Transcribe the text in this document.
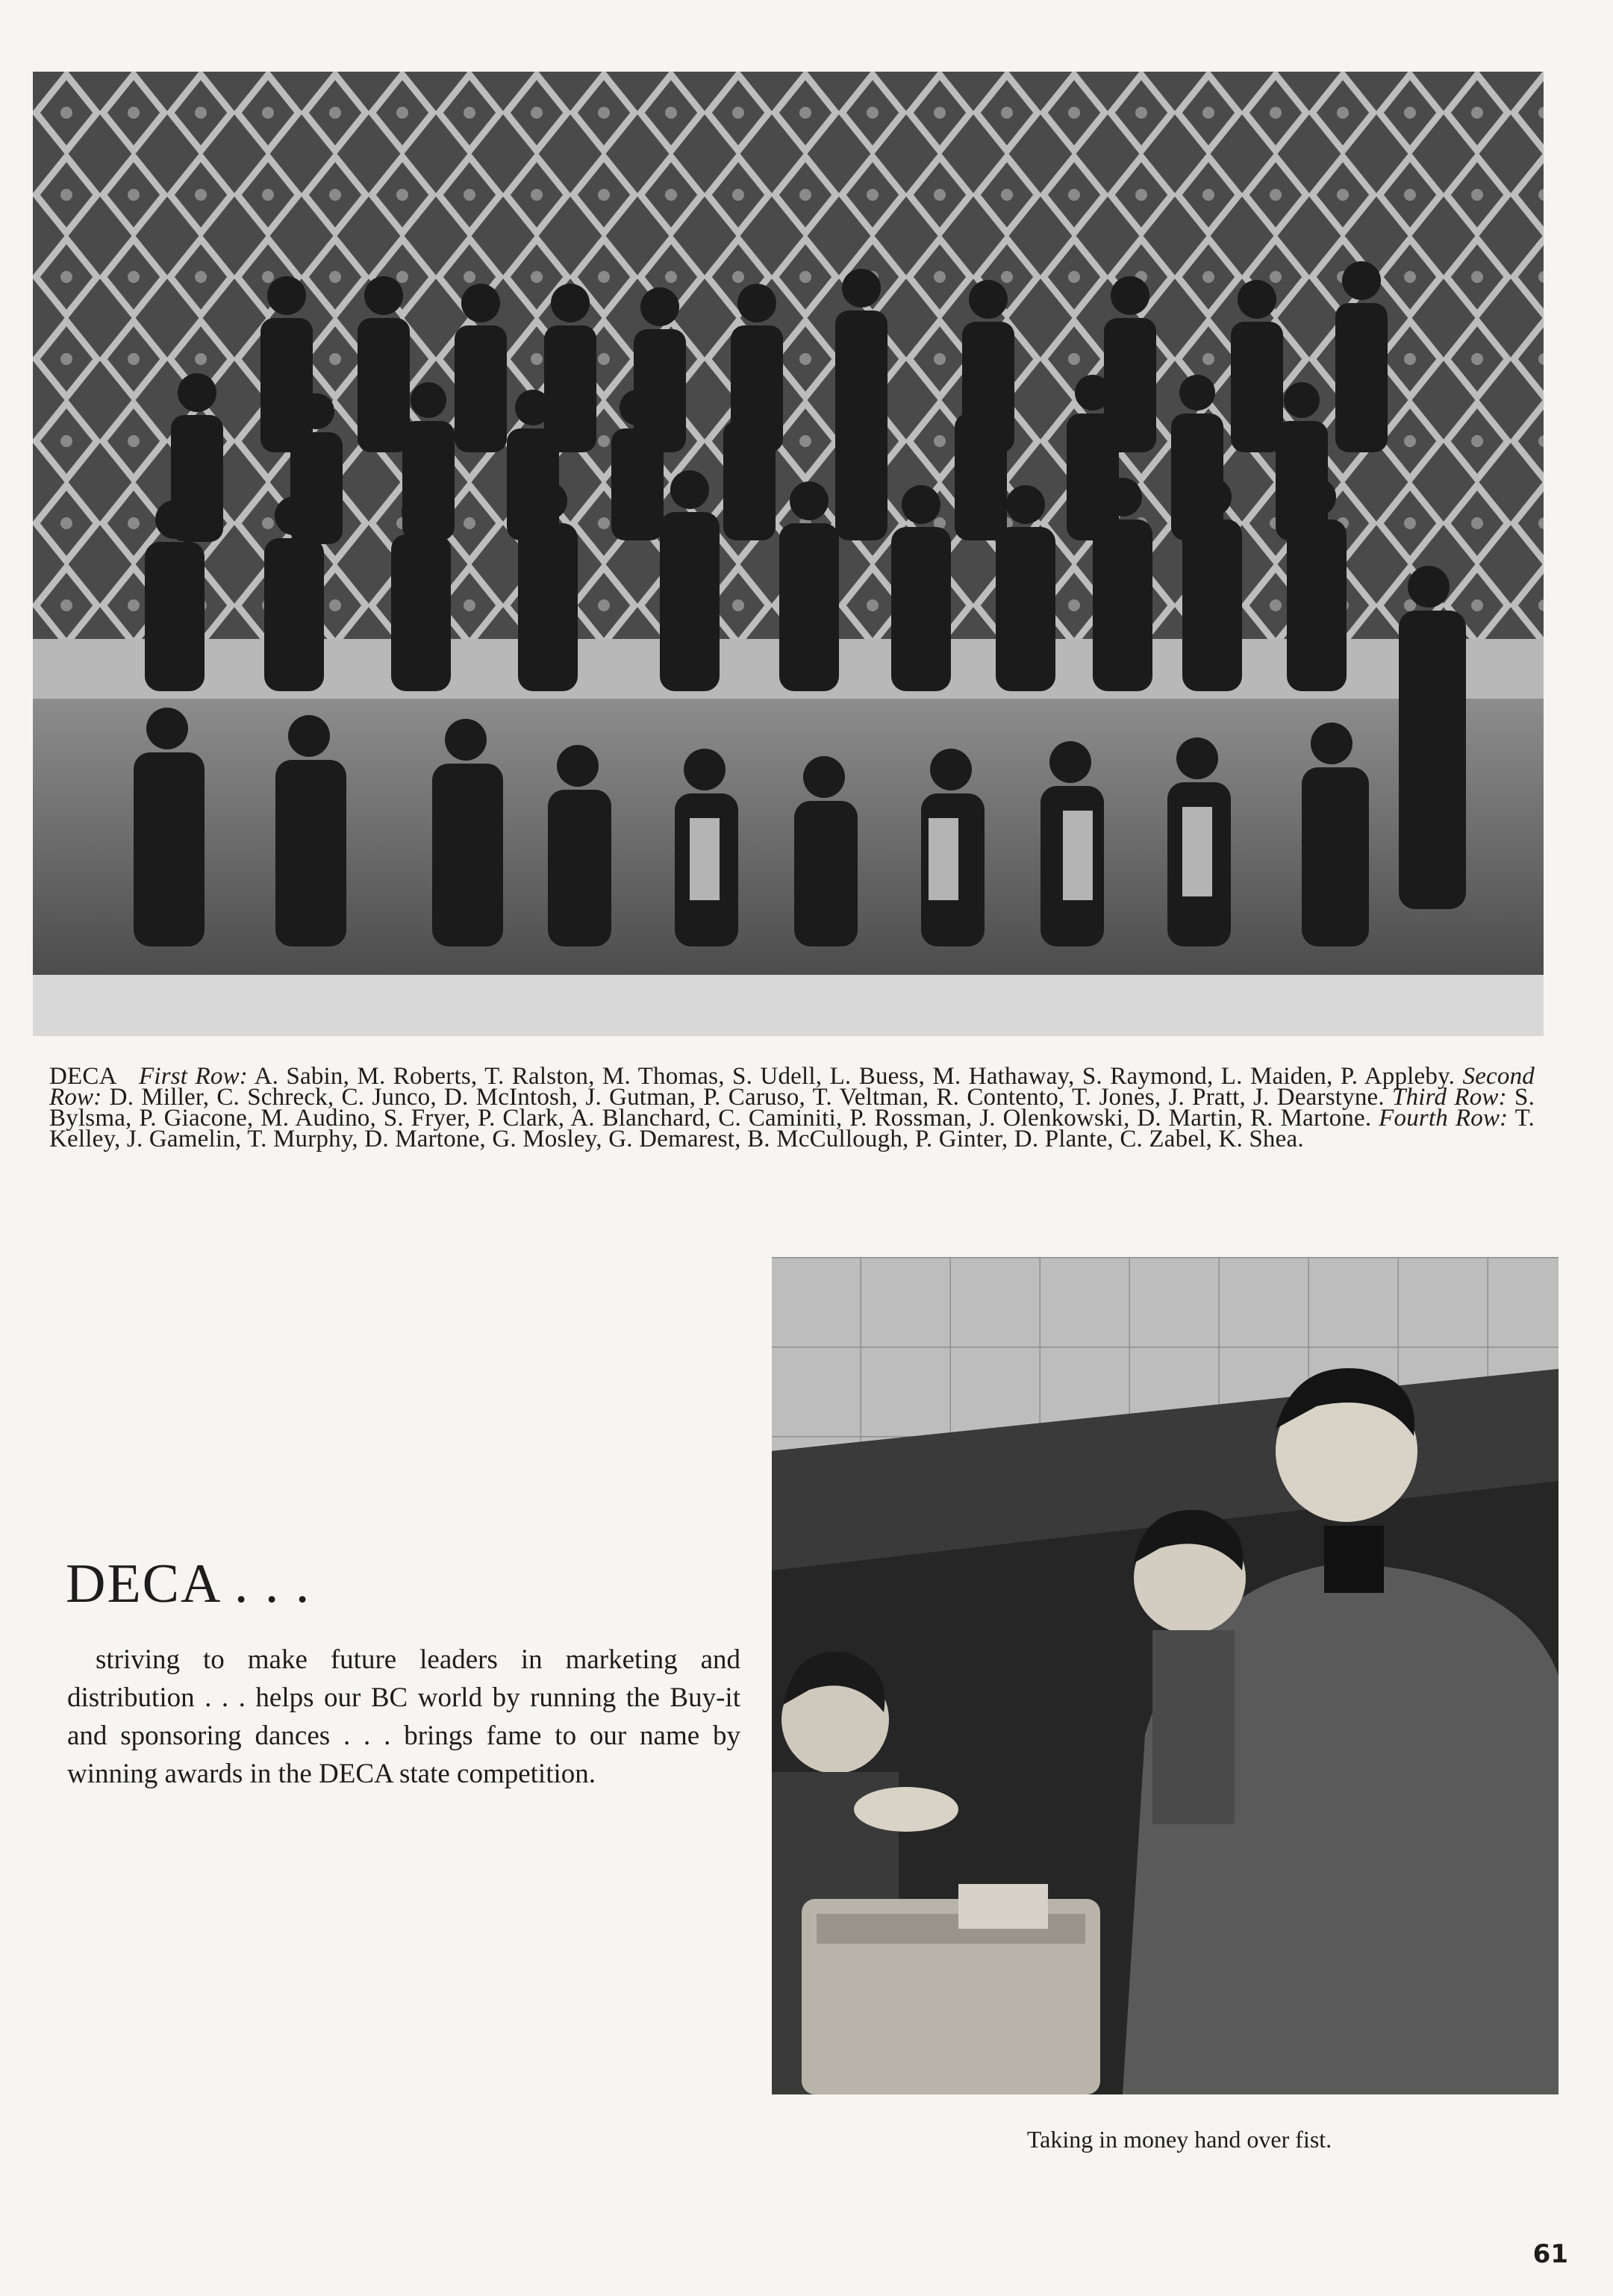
DECA First Row: A. Sabin, M. Roberts, T. Ralston, M. Thomas, S. Udell, L. Buess, M. Hathaway, S. Raymond, L. Maiden, P. Appleby. Second Row: D. Miller, C. Schreck, C. Junco, D. McIntosh, J. Gutman, P. Caruso, T. Veltman, R. Contento, T. Jones, J. Pratt, J. Dearstyne. Third Row: S. Bylsma, P. Giacone, M. Audino, S. Fryer, P. Clark, A. Blanchard, C. Caminiti, P. Rossman, J. Olenkowski, D. Martin, R. Martone. Fourth Row: T. Kelley, J. Gamelin, T. Murphy, D. Martone, G. Mosley, G. Demarest, B. McCullough, P. Ginter, D. Plante, C. Zabel, K. Shea.
DECA . . .

striving to make future leaders in marketing and distribution . . . helps our BC world by running the Buy-it and sponsoring dances . . . brings fame to our name by winning awards in the DECA state competition.

Taking in money hand over fist.

61
